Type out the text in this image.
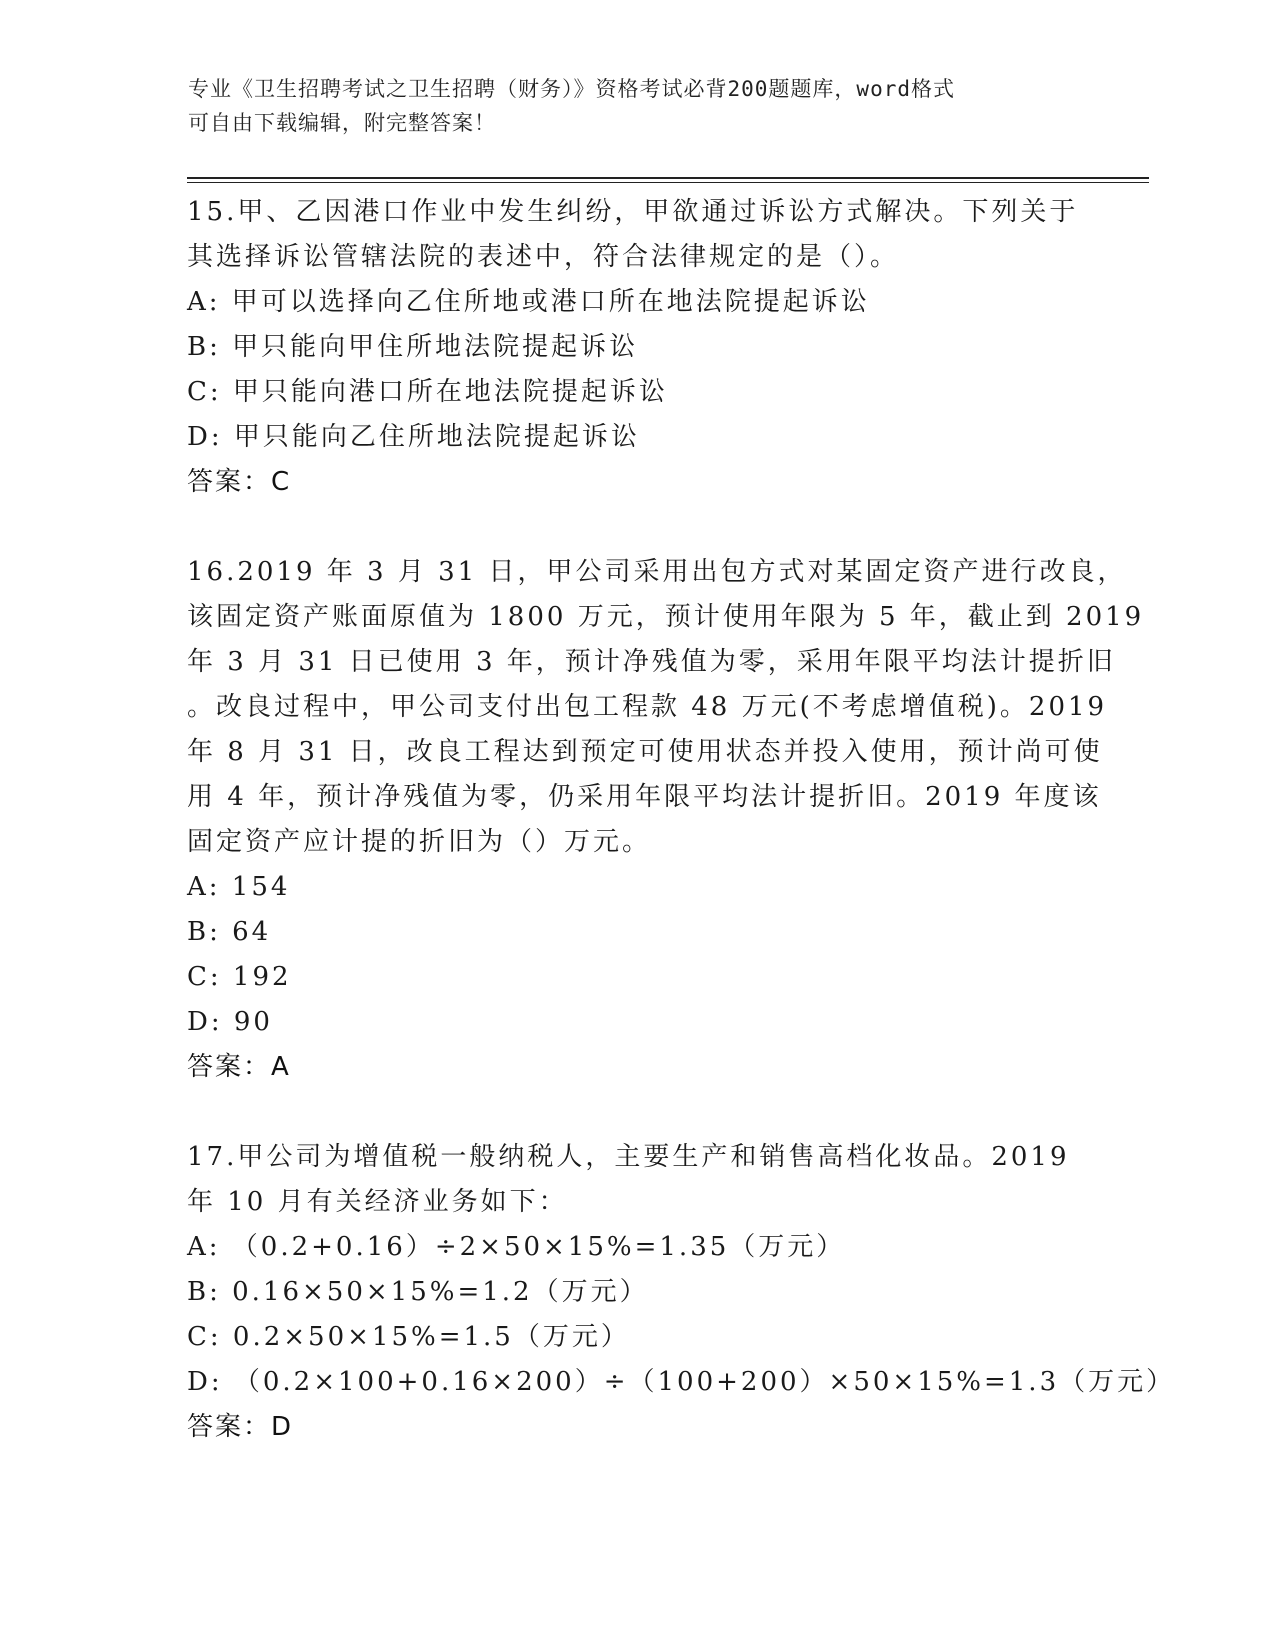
专业《卫生招聘考试之卫生招聘（财务）》资格考试必背200题题库，word格式
可自由下载编辑，附完整答案！
15.甲、乙因港口作业中发生纠纷，甲欲通过诉讼方式解决。下列关于
其选择诉讼管辖法院的表述中，符合法律规定的是（）。
A: 甲可以选择向乙住所地或港口所在地法院提起诉讼
B: 甲只能向甲住所地法院提起诉讼
C: 甲只能向港口所在地法院提起诉讼
D: 甲只能向乙住所地法院提起诉讼
答案：C
16.2019 年 3 月 31 日，甲公司采用出包方式对某固定资产进行改良，
该固定资产账面原值为 1800 万元，预计使用年限为 5 年，截止到 2019
年 3 月 31 日已使用 3 年，预计净残值为零，采用年限平均法计提折旧
。改良过程中，甲公司支付出包工程款 48 万元(不考虑增值税)。2019
年 8 月 31 日，改良工程达到预定可使用状态并投入使用，预计尚可使
用 4 年，预计净残值为零，仍采用年限平均法计提折旧。2019 年度该
固定资产应计提的折旧为（）万元。
A: 154
B: 64
C: 192
D: 90
答案：A
17.甲公司为增值税一般纳税人，主要生产和销售高档化妆品。2019
年 10 月有关经济业务如下：
A: （0.2+0.16）÷2×50×15%=1.35（万元）
B: 0.16×50×15%=1.2（万元）
C: 0.2×50×15%=1.5（万元）
D: （0.2×100+0.16×200）÷（100+200）×50×15%=1.3（万元）
答案：D
